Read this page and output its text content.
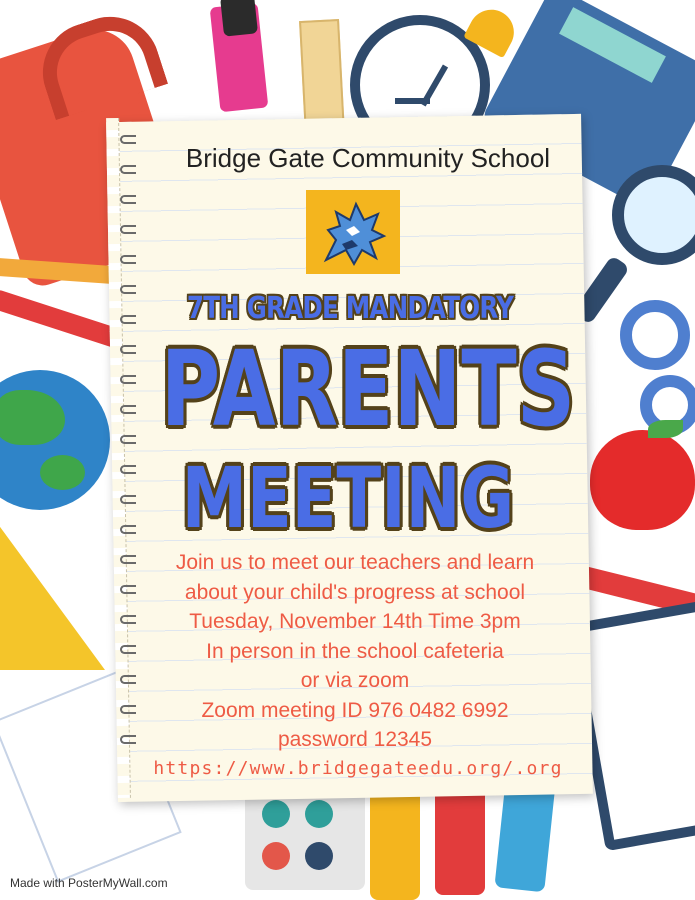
Bridge Gate Community School
7TH GRADE MANDATORY
PARENTS
MEETING
Join us to meet our teachers and learn
about your child's progress at school
Tuesday, November 14th Time 3pm
In person in the school cafeteria
or via zoom
Zoom meeting ID 976 0482 6992
password 12345
https://www.bridgegateedu.org/.org
Made with PosterMyWall.com
